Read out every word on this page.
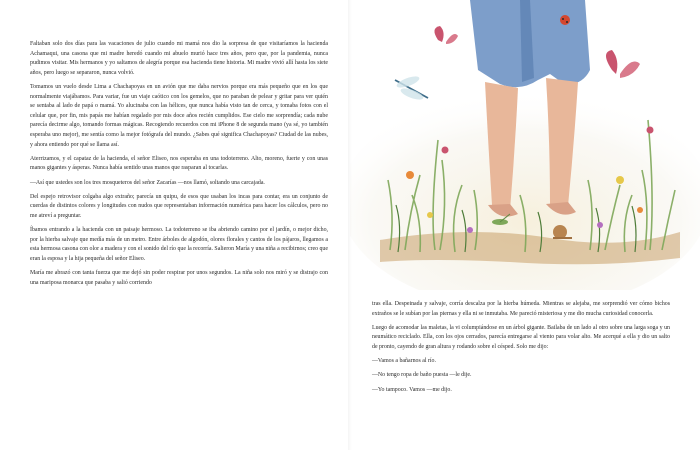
Faltaban solo dos días para las vacaciones de julio cuando mi mamá nos dio la sorpresa de que visitaríamos la hacienda Achamaqui, una casona que mi madre heredó cuando mi abuelo murió hace tres años, pero que, por la pandemia, nunca pudimos visitar. Mis hermanos y yo saltamos de alegría porque esa hacienda tiene historia. Mi madre vivió allí hasta los siete años, pero luego se separaron, nunca volvió.

Tomamos un vuelo desde Lima a Chachapoyas en un avión que me daba nervios porque era más pequeño que en los que normalmente viajábamos. Para variar, fue un viaje caótico con los gemelos, que no paraban de pelear y gritar para ver quién se sentaba al lado de papá o mamá. Yo alucinaba con las hélices, que nunca había visto tan de cerca, y tomaba fotos con el celular que, por fin, mis papás me habían regalado por mis doce años recién cumplidos. Ese cielo me sorprendía; cada nube parecía decirme algo, tomando formas mágicas. Recogiendo recuerdos con mi iPhone 8 de segunda mano (ya sé, yo también esperaba uno mejor), me sentía como la mejor fotógrafa del mundo. ¿Sabes qué significa Chachapoyas? Ciudad de las nubes, y ahora entiendo por qué se llama así.

Aterrizamos, y el capataz de la hacienda, el señor Eliseo, nos esperaba en una todoterreno. Alto, moreno, fuerte y con unas manos gigantes y ásperas. Nunca había sentido unas manos que rasparan al tocarlas.

—Así que ustedes son los tres mosqueteros del señor Zacarías —nos llamó, soltando una carcajada.

Del espejo retrovisor colgaba algo extraño; parecía un quipu, de esos que usaban los incas para contar, era un conjunto de cuerdas de distintos colores y longitudes con nudos que representaban información numérica para hacer los cálculos, pero no me atreví a preguntar.

Íbamos entrando a la hacienda con un paisaje hermoso. La todoterreno se iba abriendo camino por el jardín, o mejor dicho, por la hierba salvaje que medía más de un metro. Entre árboles de algodón, olores florales y cantos de los pájaros, llegamos a esta hermosa casona con olor a madera y con el sonido del río que la recorría. Salieron María y una niña a recibirnos; creo que eran la esposa y la hija pequeña del señor Eliseo.

María me abrazó con tanta fuerza que me dejó sin poder respirar por unos segundos. La niña solo nos miró y se distrajo con una mariposa monarca que pasaba y salió corriendo

tras ella. Despeinada y salvaje, corría descalza por la hierba húmeda. Mientras se alejaba, me sorprendió ver cómo bichos extraños se le subían por las piernas y ella ni se inmutaba. Me pareció misteriosa y me dio mucha curiosidad conocerla.

Luego de acomodar las maletas, la vi columpiándose en un árbol gigante. Bailaba de un lado al otro sobre una larga soga y un neumático reciclado. Ella, con los ojos cerrados, parecía entregarse al viento para volar alto. Me acerqué a ella y dio un salto de pronto, cayendo de gran altura y rodando sobre el césped. Solo me dijo:

—Vamos a bañarnos al río.

—No tengo ropa de baño puesta —le dije.

—Yo tampoco. Vamos —me dijo.
